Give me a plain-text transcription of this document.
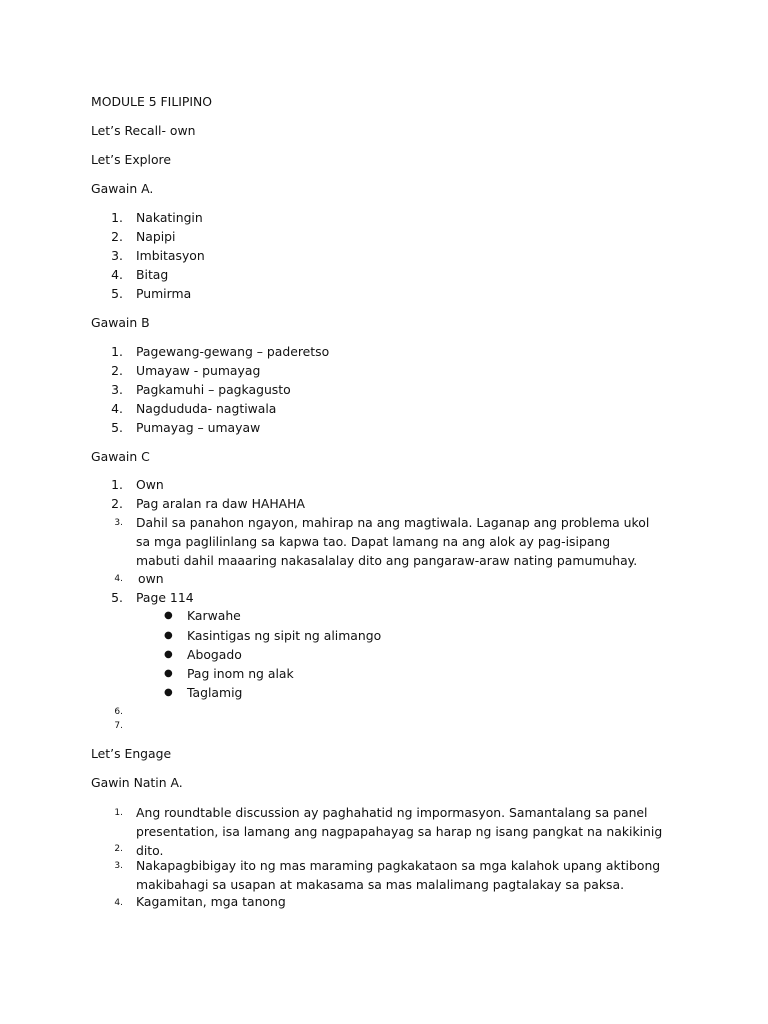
MODULE 5 FILIPINO
Let’s Recall- own
Let’s Explore
Gawain A.
1. Nakatingin
2. Napipi
3. Imbitasyon
4. Bitag
5. Pumirma
Gawain B
1. Pagewang-gewang – paderetso
2. Umayaw - pumayag
3. Pagkamuhi – pagkagusto
4. Nagdududa- nagtiwala
5. Pumayag – umayaw
Gawain C
1. Own
2. Pag aralan ra daw HAHAHA
3. Dahil sa panahon ngayon, mahirap na ang magtiwala. Laganap ang problema ukol sa mga paglilinlang sa kapwa tao. Dapat lamang na ang alok ay pag-isipang mabuti dahil maaaring nakasalalay dito ang pangaraw-araw nating pamumuhay.
4. own
5. Page 114
● Karwahe
● Kasintigas ng sipit ng alimango
● Abogado
● Pag inom ng alak
● Taglamig
6.
7.
Let’s Engage
Gawin Natin A.
1. Ang roundtable discussion ay paghahatid ng impormasyon. Samantalang sa panel presentation, isa lamang ang nagpapahayag sa harap ng isang pangkat na nakikinig dito.
2.
3. Nakapagbibigay ito ng mas maraming pagkakataon sa mga kalahok upang aktibong makibahagi sa usapan at makasama sa mas malalimang pagtalakay sa paksa.
4. Kagamitan, mga tanong
